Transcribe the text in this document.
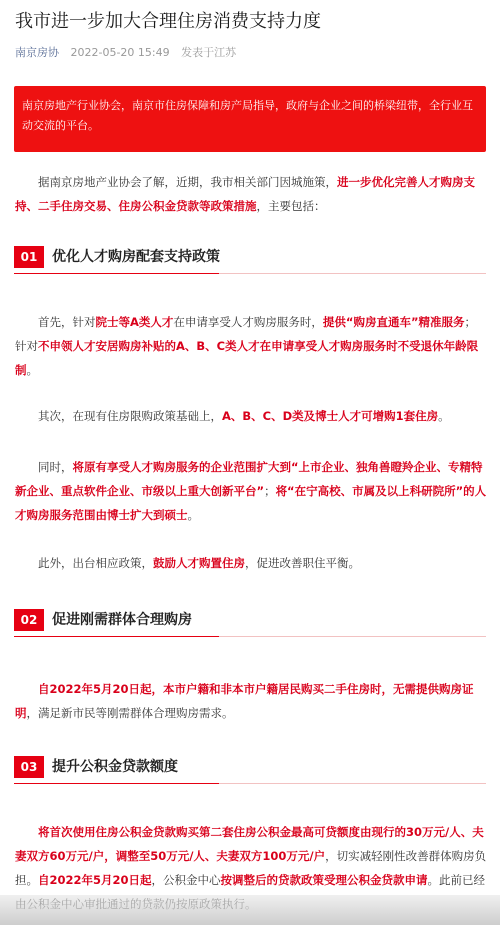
我市进一步加大合理住房消费支持力度
南京房协 2022-05-20 15:49 发表于江苏

南京房地产行业协会，南京市住房保障和房产局指导，政府与企业之间的桥梁纽带，全行业互动交流的平台。

据南京房地产业协会了解，近期，我市相关部门因城施策，进一步优化完善人才购房支持、二手住房交易、住房公积金贷款等政策措施，主要包括：
01	优化人才购房配套支持政策
首先，针对院士等A类人才在申请享受人才购房服务时，提供“购房直通车”精准服务；针对不申领人才安居购房补贴的A、B、C类人才在申请享受人才购房服务时不受退休年龄限制。
其次，在现有住房限购政策基础上，A、B、C、D类及博士人才可增购1套住房。
同时，将原有享受人才购房服务的企业范围扩大到“上市企业、独角兽瞪羚企业、专精特新企业、重点软件企业、市级以上重大创新平台”；将“在宁高校、市属及以上科研院所”的人才购房服务范围由博士扩大到硕士。
此外，出台相应政策，鼓励人才购置住房，促进改善职住平衡。
02	促进刚需群体合理购房
自2022年5月20日起，本市户籍和非本市户籍居民购买二手住房时，无需提供购房证明，满足新市民等刚需群体合理购房需求。
03	提升公积金贷款额度
将首次使用住房公积金贷款购买第二套住房公积金最高可贷额度由现行的30万元/人、夫妻双方60万元/户，调整至50万元/人、夫妻双方100万元/户，切实减轻刚性改善群体购房负担。自2022年5月20日起，公积金中心按调整后的贷款政策受理公积金贷款申请。此前已经
